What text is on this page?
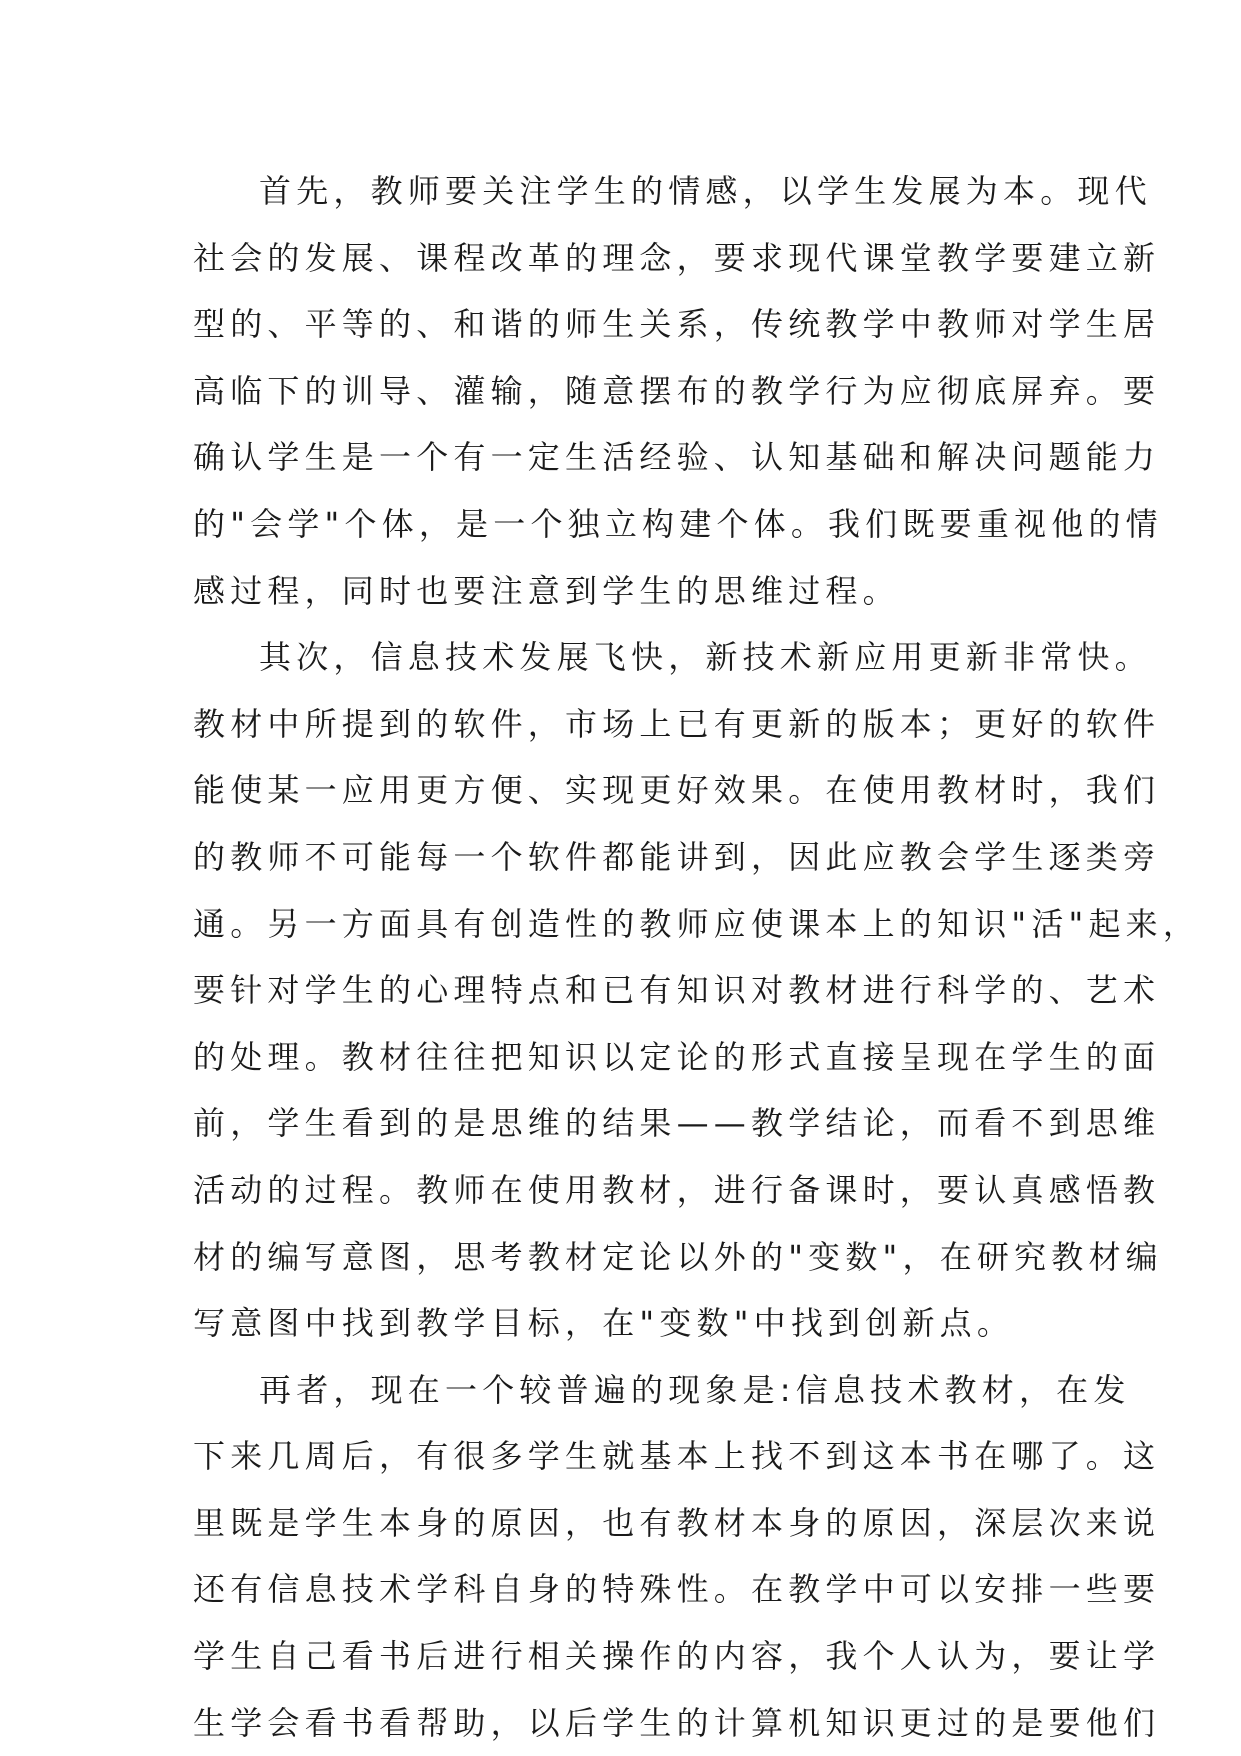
首先，教师要关注学生的情感，以学生发展为本。现代
社会的发展、课程改革的理念，要求现代课堂教学要建立新
型的、平等的、和谐的师生关系，传统教学中教师对学生居
高临下的训导、灌输，随意摆布的教学行为应彻底屏弃。要
确认学生是一个有一定生活经验、认知基础和解决问题能力
的"会学"个体，是一个独立构建个体。我们既要重视他的情
感过程，同时也要注意到学生的思维过程。
其次，信息技术发展飞快，新技术新应用更新非常快。
教材中所提到的软件，市场上已有更新的版本；更好的软件
能使某一应用更方便、实现更好效果。在使用教材时，我们
的教师不可能每一个软件都能讲到，因此应教会学生逐类旁
通。另一方面具有创造性的教师应使课本上的知识"活"起来，
要针对学生的心理特点和已有知识对教材进行科学的、艺术
的处理。教材往往把知识以定论的形式直接呈现在学生的面
前，学生看到的是思维的结果——教学结论，而看不到思维
活动的过程。教师在使用教材，进行备课时，要认真感悟教
材的编写意图，思考教材定论以外的"变数"，在研究教材编
写意图中找到教学目标，在"变数"中找到创新点。
再者，现在一个较普遍的现象是:信息技术教材，在发
下来几周后，有很多学生就基本上找不到这本书在哪了。这
里既是学生本身的原因，也有教材本身的原因，深层次来说
还有信息技术学科自身的特殊性。在教学中可以安排一些要
学生自己看书后进行相关操作的内容，我个人认为，要让学
生学会看书看帮助，以后学生的计算机知识更过的是要他们
